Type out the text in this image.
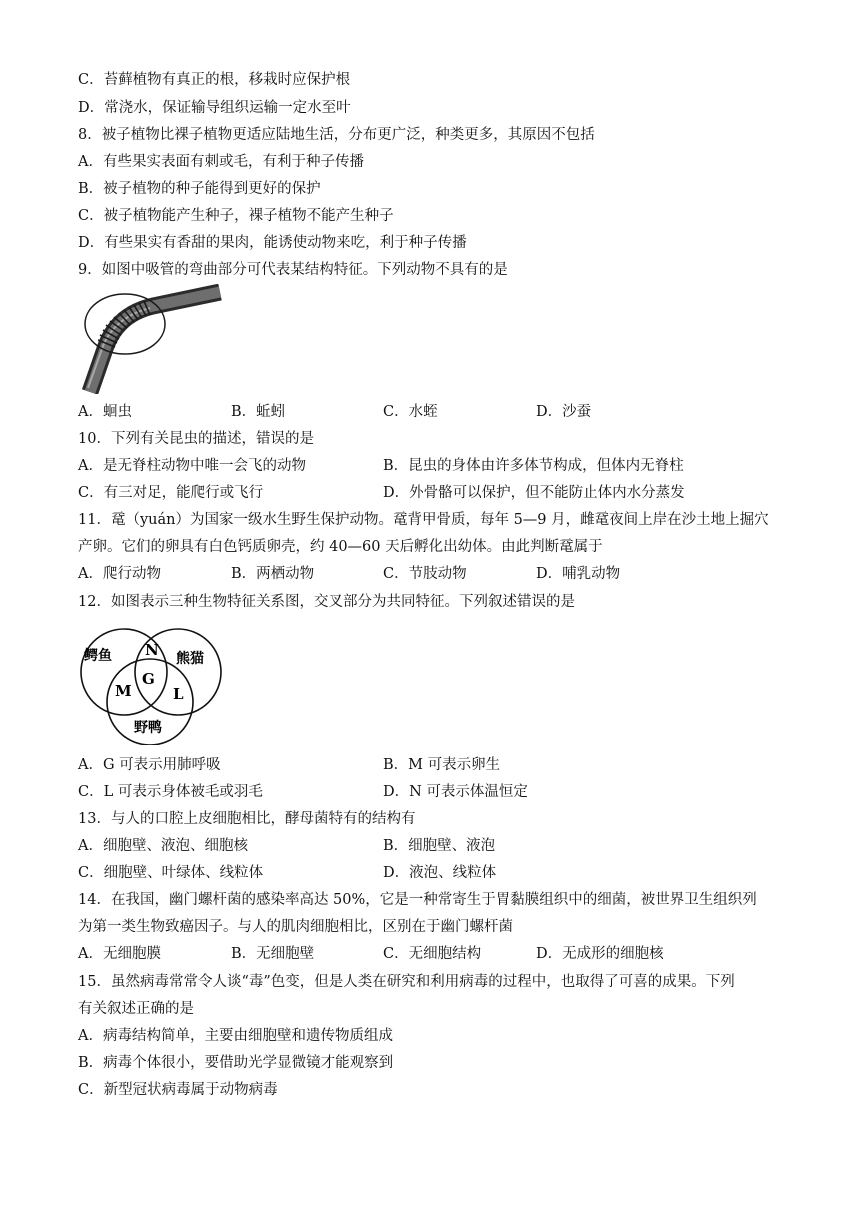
C．苔藓植物有真正的根，移栽时应保护根
D．常浇水，保证输导组织运输一定水至叶
8．被子植物比裸子植物更适应陆地生活，分布更广泛，种类更多，其原因不包括
A．有些果实表面有刺或毛，有利于种子传播
B．被子植物的种子能得到更好的保护
C．被子植物能产生种子，裸子植物不能产生种子
D．有些果实有香甜的果肉，能诱使动物来吃，利于种子传播
9．如图中吸管的弯曲部分可代表某结构特征。下列动物不具有的是
A．蛔虫	B．蚯蚓	C．水蛭	D．沙蚕
10．下列有关昆虫的描述，错误的是
A．是无脊柱动物中唯一会飞的动物	B．昆虫的身体由许多体节构成，但体内无脊柱
C．有三对足，能爬行或飞行	D．外骨骼可以保护，但不能防止体内水分蒸发
11．鼋（yuán）为国家一级水生野生保护动物。鼋背甲骨质，每年 5—9 月，雌鼋夜间上岸在沙土地上掘穴
产卵。它们的卵具有白色钙质卵壳，约 40—60 天后孵化出幼体。由此判断鼋属于
A．爬行动物	B．两栖动物	C．节肢动物	D．哺乳动物
12．如图表示三种生物特征关系图，交叉部分为共同特征。下列叙述错误的是
鳄鱼	熊猫
野鸭
N
G
M	L
A．G 可表示用肺呼吸	B．M 可表示卵生
C．L 可表示身体被毛或羽毛	D．N 可表示体温恒定
13．与人的口腔上皮细胞相比，酵母菌特有的结构有
A．细胞壁、液泡、细胞核	B．细胞壁、液泡
C．细胞壁、叶绿体、线粒体	D．液泡、线粒体
14．在我国，幽门螺杆菌的感染率高达 50%，它是一种常寄生于胃黏膜组织中的细菌，被世界卫生组织列
为第一类生物致癌因子。与人的肌肉细胞相比，区别在于幽门螺杆菌
A．无细胞膜	B．无细胞壁	C．无细胞结构	D．无成形的细胞核
15．虽然病毒常常令人谈“毒”色变，但是人类在研究和利用病毒的过程中，也取得了可喜的成果。下列
有关叙述正确的是
A．病毒结构简单，主要由细胞壁和遗传物质组成
B．病毒个体很小，要借助光学显微镜才能观察到
C．新型冠状病毒属于动物病毒
